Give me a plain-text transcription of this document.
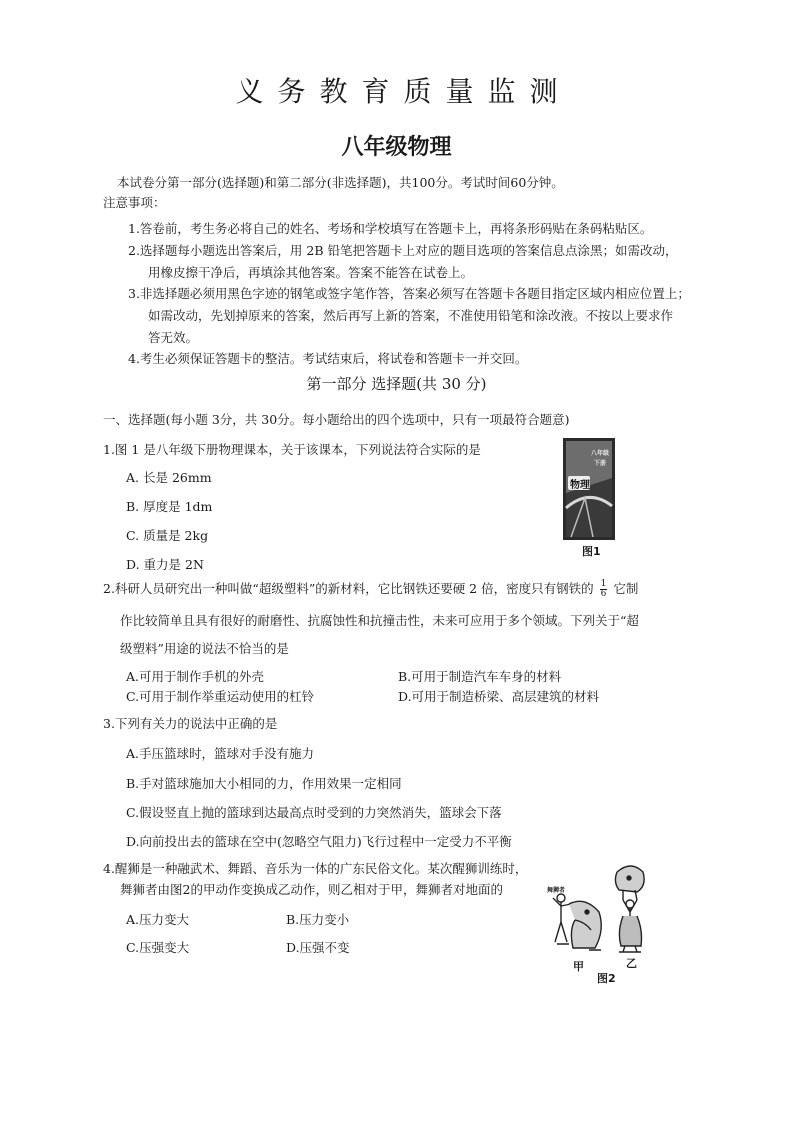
义务教育质量监测
八年级物理
本试卷分第一部分(选择题)和第二部分(非选择题)，共100分。考试时间60分钟。
注意事项：
1.答卷前，考生务必将自己的姓名、考场和学校填写在答题卡上，再将条形码贴在条码粘贴区。
2.选择题每小题选出答案后，用 2B 铅笔把答题卡上对应的题目选项的答案信息点涂黑；如需改动，
用橡皮擦干净后，再填涂其他答案。答案不能答在试卷上。
3.非选择题必须用黑色字迹的钢笔或签字笔作答，答案必须写在答题卡各题目指定区域内相应位置上；
如需改动，先划掉原来的答案，然后再写上新的答案，不准使用铅笔和涂改液。不按以上要求作
答无效。
4.考生必须保证答题卡的整洁。考试结束后，将试卷和答题卡一并交回。
第一部分 选择题(共 30 分)
一、选择题(每小题 3分，共 30分。每小题给出的四个选项中，只有一项最符合题意)
1.图 1 是八年级下册物理课本，关于该课本，下列说法符合实际的是
A. 长是 26mm
B. 厚度是 1dm
C. 质量是 2kg
D. 重力是 2N
物理
八年级
下册
图1
2.科研人员研究出一种叫做“超级塑料”的新材料，它比钢铁还要硬 2 倍，密度只有钢铁的 $\frac{1}{6}$ 它制
作比较简单且具有很好的耐磨性、抗腐蚀性和抗撞击性，未来可应用于多个领域。下列关于“超
级塑料”用途的说法不恰当的是
A.可用于制作手机的外壳	B.可用于制造汽车车身的材料
C.可用于制作举重运动使用的杠铃	D.可用于制造桥梁、高层建筑的材料
3.下列有关力的说法中正确的是
A.手压篮球时，篮球对手没有施力
B.手对篮球施加大小相同的力，作用效果一定相同
C.假设竖直上抛的篮球到达最高点时受到的力突然消失，篮球会下落
D.向前投出去的篮球在空中(忽略空气阻力)飞行过程中一定受力不平衡
4.醒狮是一种融武术、舞蹈、音乐为一体的广东民俗文化。某次醒狮训练时，
舞狮者由图2的甲动作变换成乙动作，则乙相对于甲，舞狮者对地面的
A.压力变大	B.压力变小
C.压强变大	D.压强不变
舞狮者
甲	乙
图2
